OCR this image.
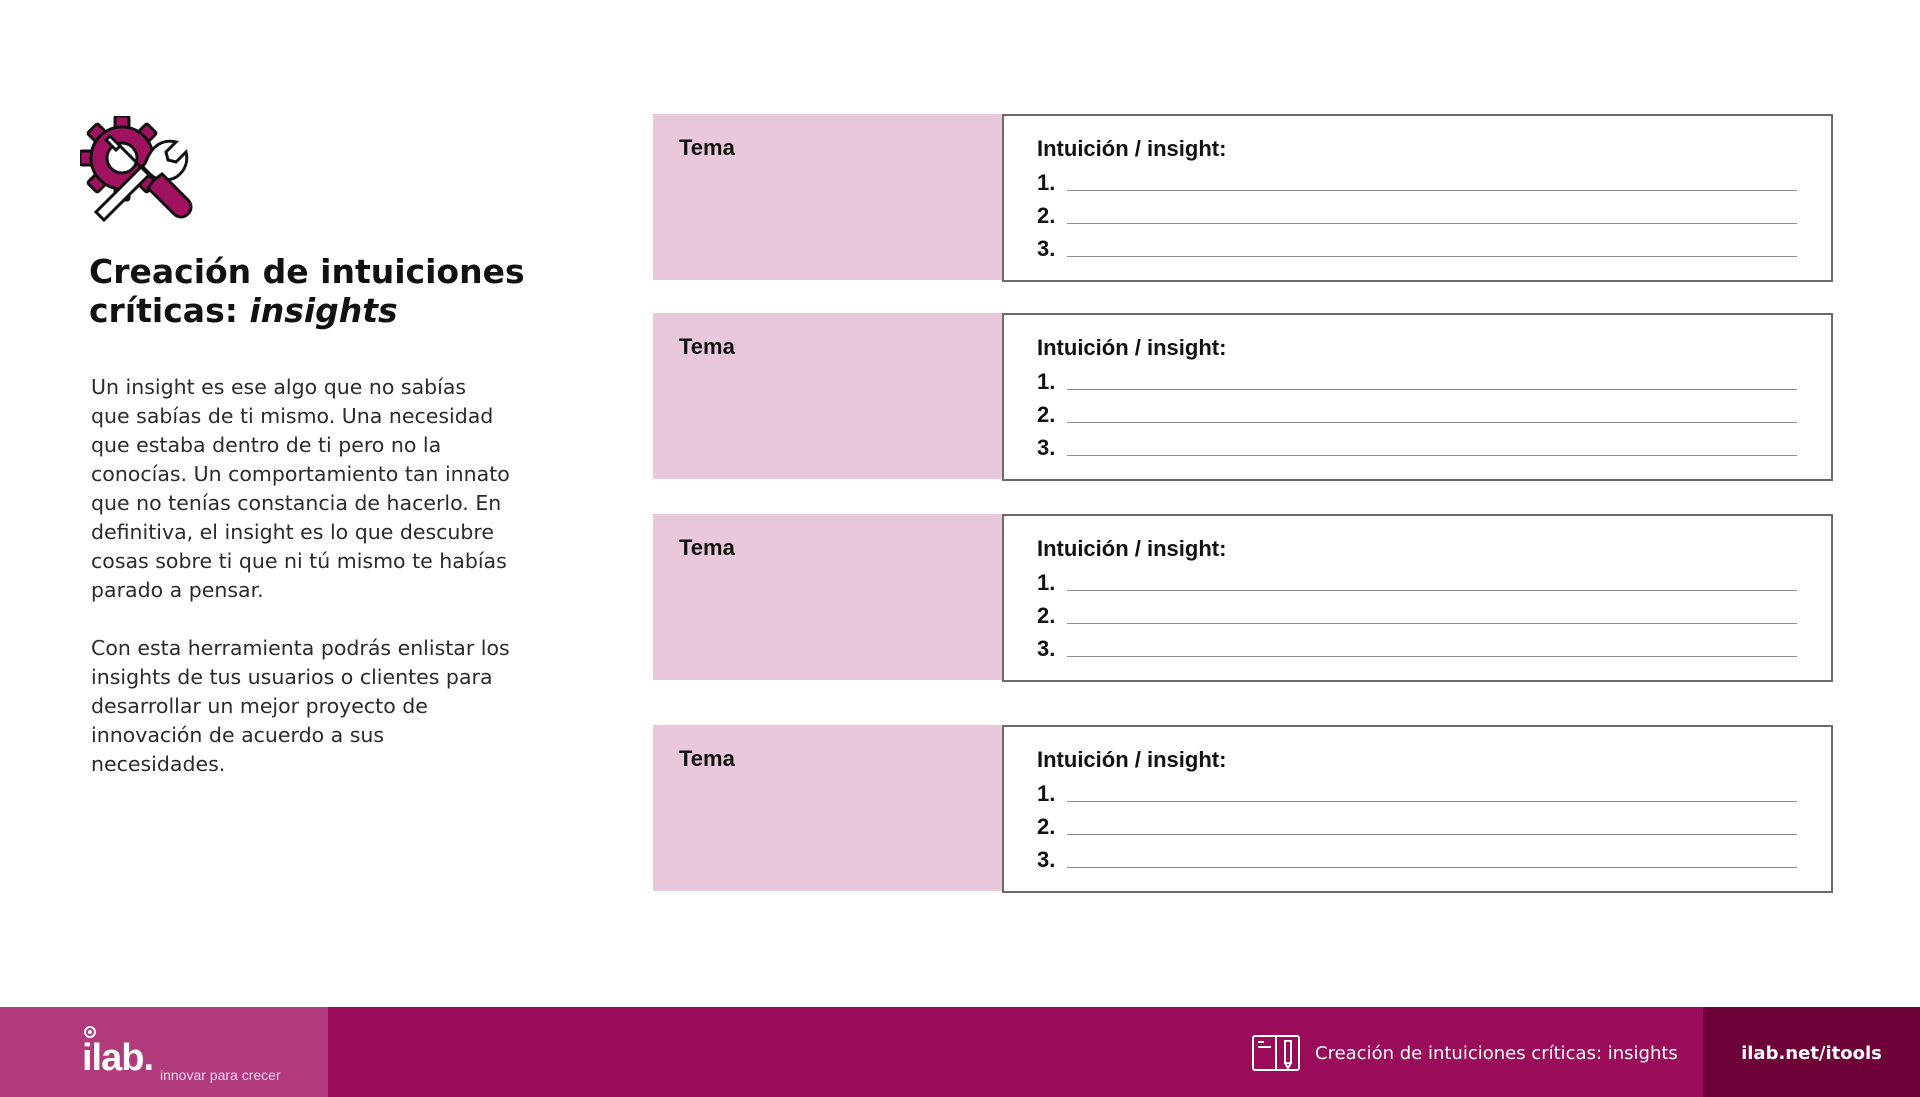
Creación de intuiciones
críticas: insights

Un insight es ese algo que no sabías que sabías de ti mismo. Una necesidad que estaba dentro de ti pero no la conocías. Un comportamiento tan innato que no tenías constancia de hacerlo. En definitiva, el insight es lo que descubre cosas sobre ti que ni tú mismo te habías parado a pensar.

Con esta herramienta podrás enlistar los insights de tus usuarios o clientes para desarrollar un mejor proyecto de innovación de acuerdo a sus necesidades.

Tema	Intuición / insight:
1.
2.
3.
Tema	Intuición / insight:
1.
2.
3.
Tema	Intuición / insight:
1.
2.
3.
Tema	Intuición / insight:
1.
2.
3.
ilab. innovar para crecer
Creación de intuiciones críticas: insights	ilab.net/itools
